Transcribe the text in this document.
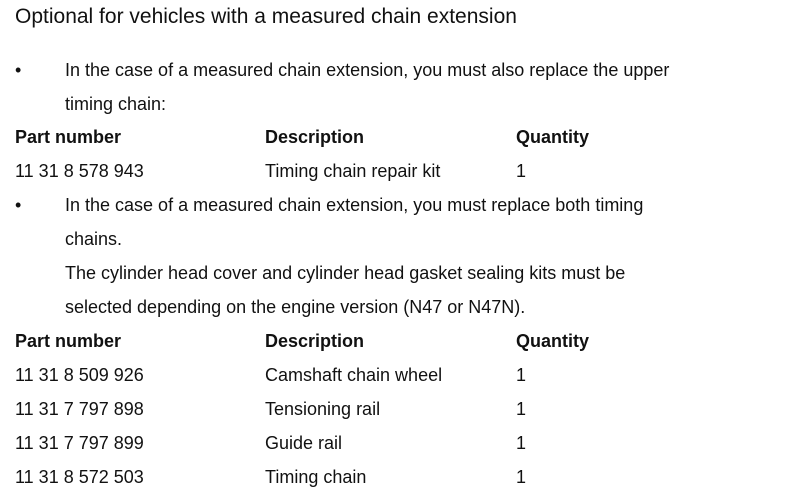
Optional for vehicles with a measured chain extension
• In the case of a measured chain extension, you must also replace the upper
timing chain:
Part number	Description	Quantity
11 31 8 578 943	Timing chain repair kit	1
• In the case of a measured chain extension, you must replace both timing
chains.
The cylinder head cover and cylinder head gasket sealing kits must be
selected depending on the engine version (N47 or N47N).
Part number	Description	Quantity
11 31 8 509 926	Camshaft chain wheel	1
11 31 7 797 898	Tensioning rail	1
11 31 7 797 899	Guide rail	1
11 31 8 572 503	Timing chain	1
